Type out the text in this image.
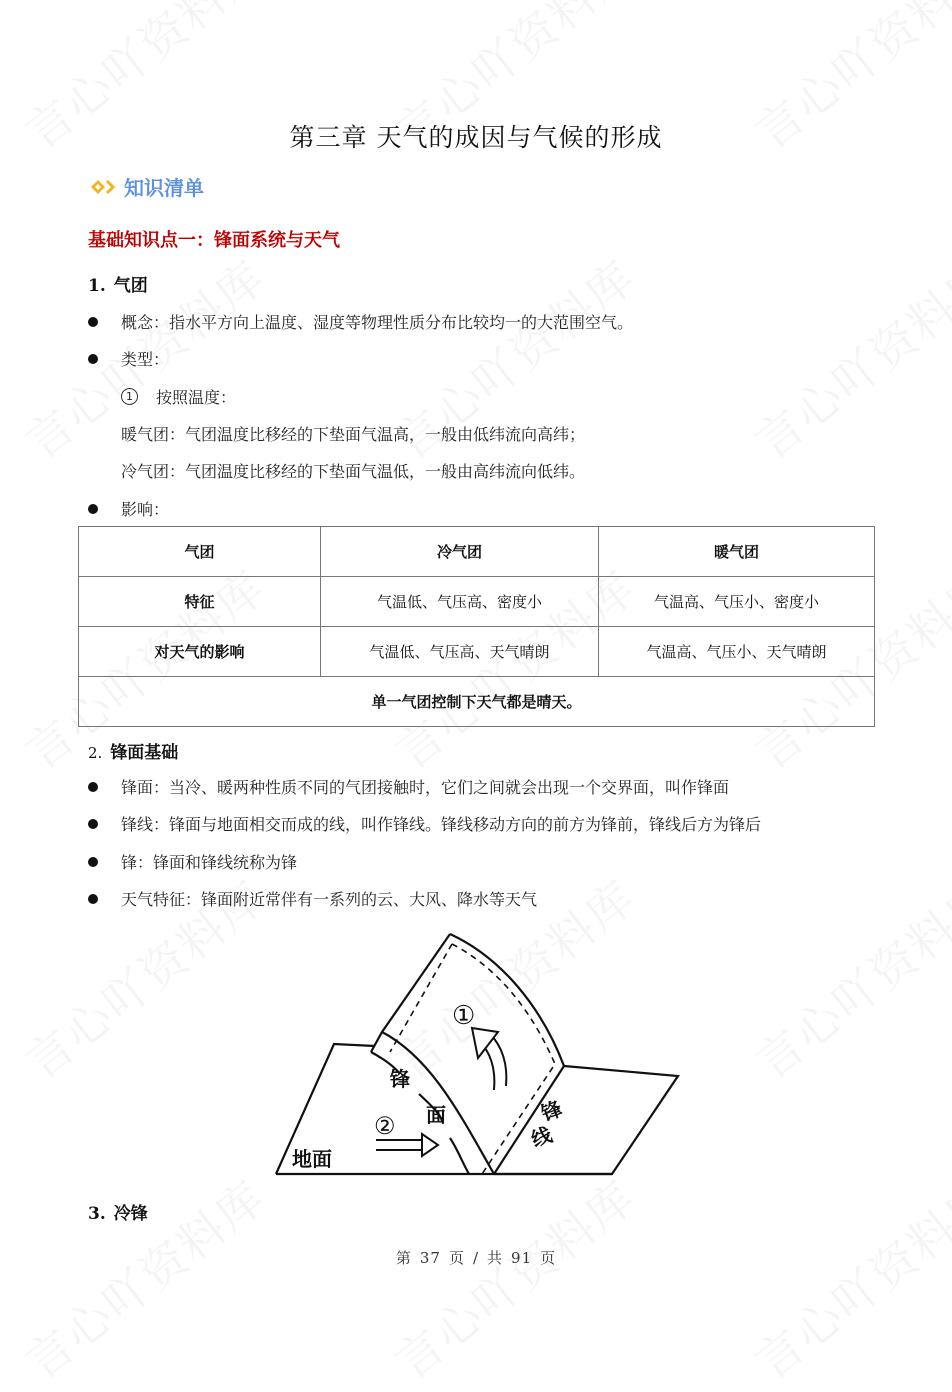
第三章 天气的成因与气候的形成
知识清单
基础知识点一：锋面系统与天气
1. 气团
概念：指水平方向上温度、湿度等物理性质分布比较均一的大范围空气。
类型：
1	按照温度：
暖气团：气团温度比移经的下垫面气温高，一般由低纬流向高纬；
冷气团：气团温度比移经的下垫面气温低，一般由高纬流向低纬。
影响：
气团	冷气团	暖气团
特征	气温低、气压高、密度小	气温高、气压小、密度小
对天气的影响	气温低、气压高、天气晴朗	气温高、气压小、天气晴朗
单一气团控制下天气都是晴天。		
2. 锋面基础
锋面：当冷、暖两种性质不同的气团接触时，它们之间就会出现一个交界面，叫作锋面
锋线：锋面与地面相交而成的线，叫作锋线。锋线移动方向的前方为锋前，锋线后方为锋后
锋：锋面和锋线统称为锋
天气特征：锋面附近常伴有一系列的云、大风、降水等天气
①
②
锋
面	锋
线
地面
3. 冷锋
第 37 页 / 共 91 页
